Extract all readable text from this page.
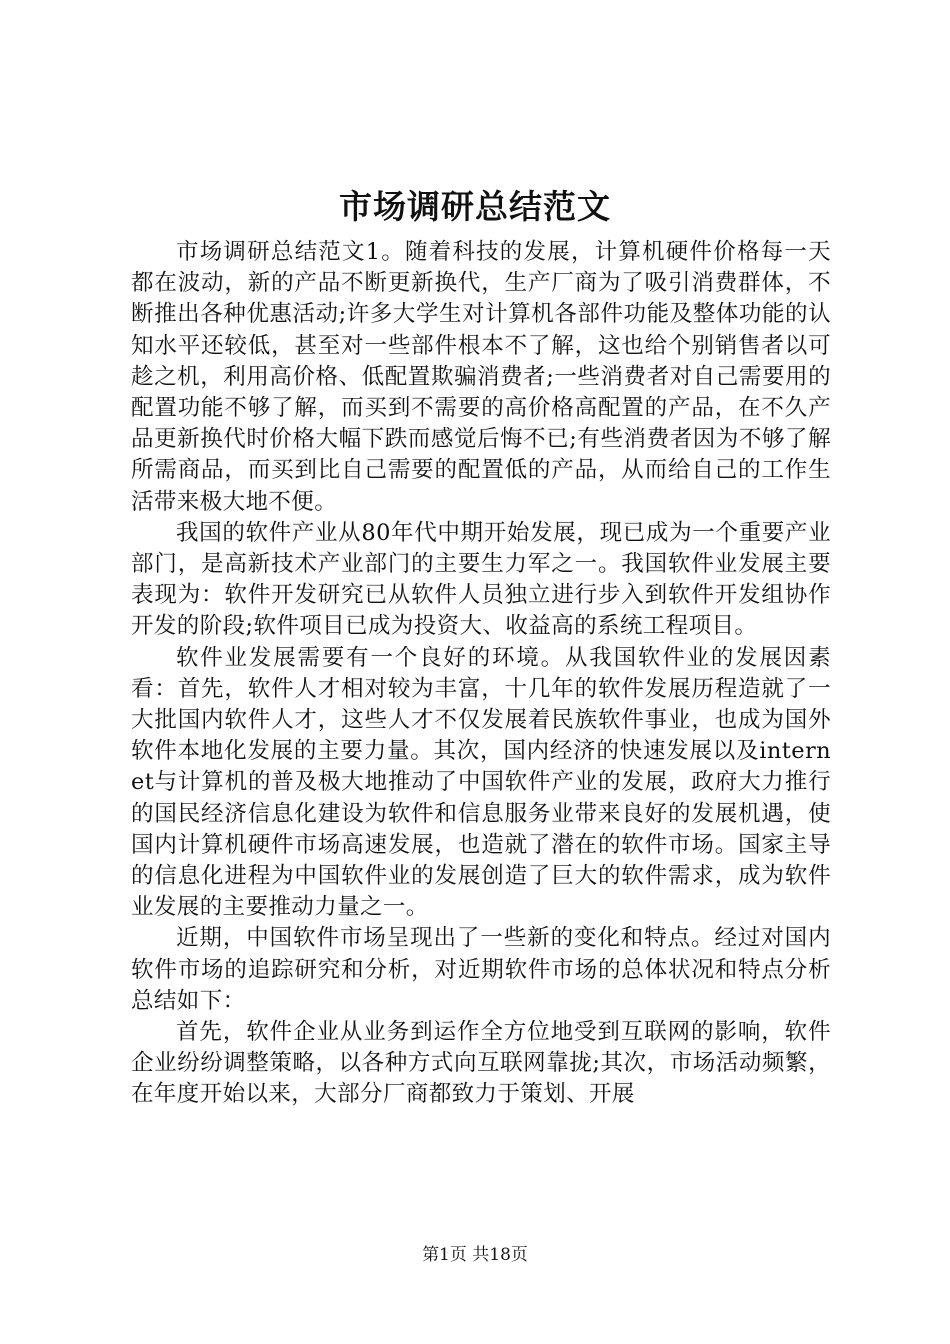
市场调研总结范文

市场调研总结范文1。随着科技的发展，计算机硬件价格每一天都在波动，新的产品不断更新换代，生产厂商为了吸引消费群体，不断推出各种优惠活动;许多大学生对计算机各部件功能及整体功能的认知水平还较低，甚至对一些部件根本不了解，这也给个别销售者以可趁之机，利用高价格、低配置欺骗消费者;一些消费者对自己需要用的配置功能不够了解，而买到不需要的高价格高配置的产品，在不久产品更新换代时价格大幅下跌而感觉后悔不已;有些消费者因为不够了解所需商品，而买到比自己需要的配置低的产品，从而给自己的工作生活带来极大地不便。

我国的软件产业从80年代中期开始发展，现已成为一个重要产业部门，是高新技术产业部门的主要生力军之一。我国软件业发展主要表现为：软件开发研究已从软件人员独立进行步入到软件开发组协作开发的阶段;软件项目已成为投资大、收益高的系统工程项目。

软件业发展需要有一个良好的环境。从我国软件业的发展因素看：首先，软件人才相对较为丰富，十几年的软件发展历程造就了一大批国内软件人才，这些人才不仅发展着民族软件事业，也成为国外软件本地化发展的主要力量。其次，国内经济的快速发展以及internet与计算机的普及极大地推动了中国软件产业的发展，政府大力推行的国民经济信息化建设为软件和信息服务业带来良好的发展机遇，使国内计算机硬件市场高速发展，也造就了潜在的软件市场。国家主导的信息化进程为中国软件业的发展创造了巨大的软件需求，成为软件业发展的主要推动力量之一。

近期，中国软件市场呈现出了一些新的变化和特点。经过对国内软件市场的追踪研究和分析，对近期软件市场的总体状况和特点分析总结如下：

首先，软件企业从业务到运作全方位地受到互联网的影响，软件企业纷纷调整策略，以各种方式向互联网靠拢;其次，市场活动频繁，在年度开始以来，大部分厂商都致力于策划、开展

第1页 共18页
